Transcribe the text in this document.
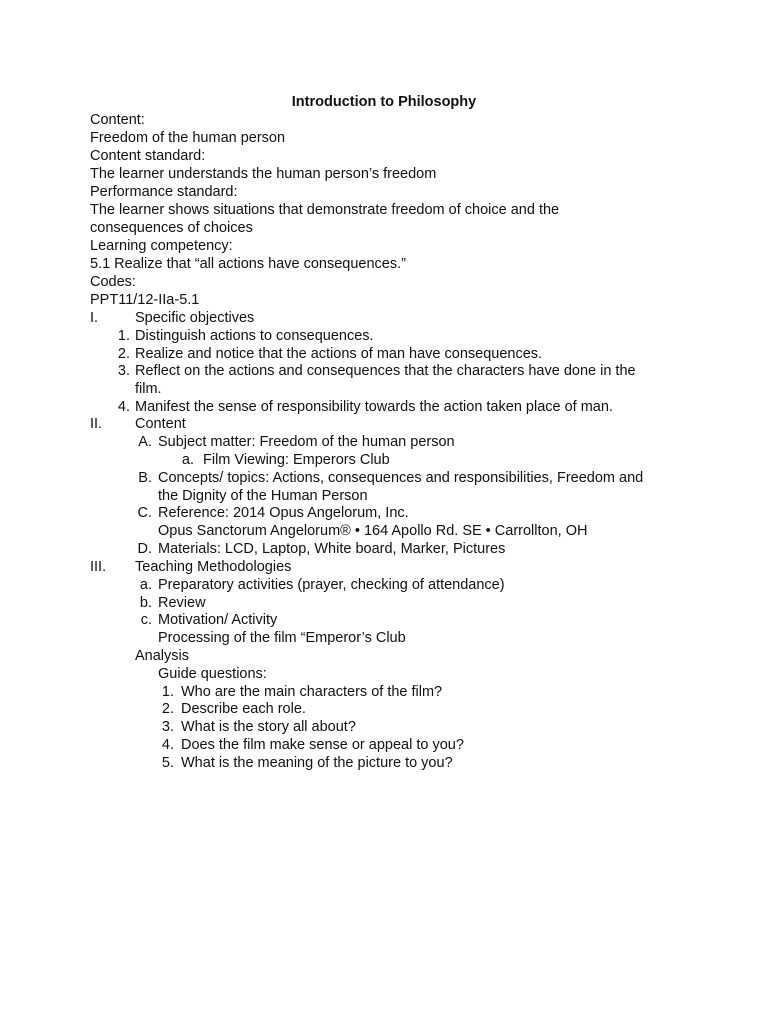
Introduction to Philosophy
Content:
Freedom of the human person
Content standard:
The learner understands the human person’s freedom
Performance standard:
The learner shows situations that demonstrate freedom of choice and the
consequences of choices
Learning competency:
5.1 Realize that “all actions have consequences.”
Codes:
PPT11/12-IIa-5.1
I.	Specific objectives
1. Distinguish actions to consequences.
2. Realize and notice that the actions of man have consequences.
3. Reflect on the actions and consequences that the characters have done in the
film.
4. Manifest the sense of responsibility towards the action taken place of man.
II. Content
A. Subject matter: Freedom of the human person
a. Film Viewing: Emperors Club
B. Concepts/ topics: Actions, consequences and responsibilities, Freedom and
the Dignity of the Human Person
C. Reference: 2014 Opus Angelorum, Inc.
Opus Sanctorum Angelorum® • 164 Apollo Rd. SE • Carrollton, OH
D. Materials: LCD, Laptop, White board, Marker, Pictures
III. Teaching Methodologies
a. Preparatory activities (prayer, checking of attendance)
b. Review
c. Motivation/ Activity
Processing of the film “Emperor’s Club
Analysis
Guide questions:
1. Who are the main characters of the film?
2. Describe each role.
3. What is the story all about?
4. Does the film make sense or appeal to you?
5. What is the meaning of the picture to you?
